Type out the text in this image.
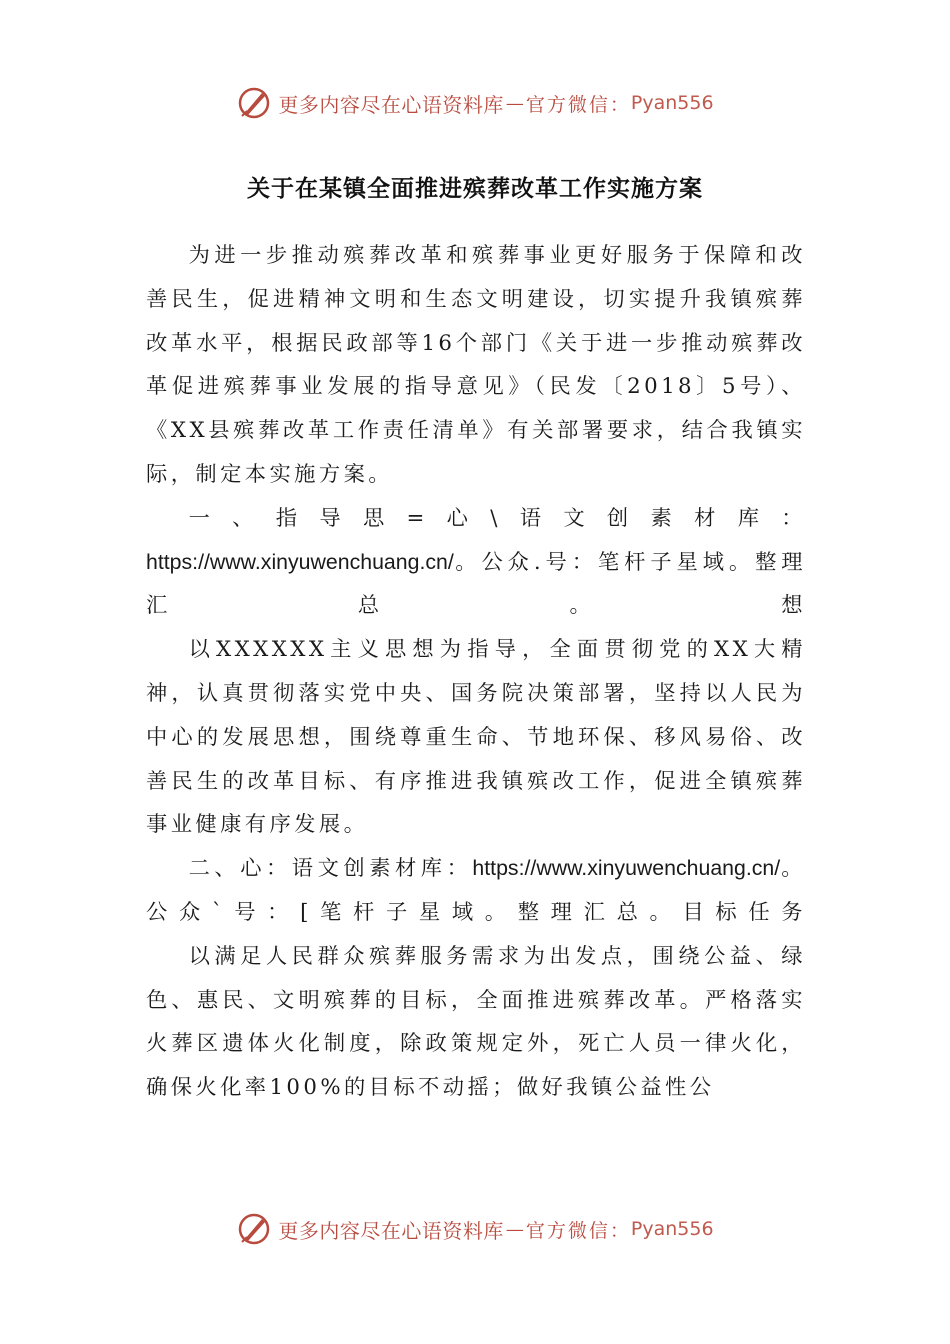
更多内容尽在心语资料库 — 官方微信： Pyan556
关于在某镇全面推进殡葬改革工作实施方案

为进一步推动殡葬改革和殡葬事业更好服务于保障和改善民生，促进精神文明和生态文明建设，切实提升我镇殡葬改革水平，根据民政部等16个部门《关于进一步推动殡葬改革促进殡葬事业发展的指导意见》（民发〔2018〕5号）、《XX县殡葬改革工作责任清单》有关部署要求，结合我镇实际，制定本实施方案。

一、指导思=心\语文创素材库：https://www.xinyuwenchuang.cn/。公众.号：笔杆子星域。整理汇总。想

以XXXXXX主义思想为指导，全面贯彻党的XX大精神，认真贯彻落实党中央、国务院决策部署，坚持以人民为中心的发展思想，围绕尊重生命、节地环保、移风易俗、改善民生的改革目标、有序推进我镇殡改工作，促进全镇殡葬事业健康有序发展。

二、心：语文创素材库：https://www.xinyuwenchuang.cn/。公众`号：[笔杆子星域。整理汇总。目标任务

以满足人民群众殡葬服务需求为出发点，围绕公益、绿色、惠民、文明殡葬的目标，全面推进殡葬改革。严格落实火葬区遗体火化制度，除政策规定外，死亡人员一律火化，确保火化率100%的目标不动摇；做好我镇公益性公

更多内容尽在心语资料库 — 官方微信： Pyan556
